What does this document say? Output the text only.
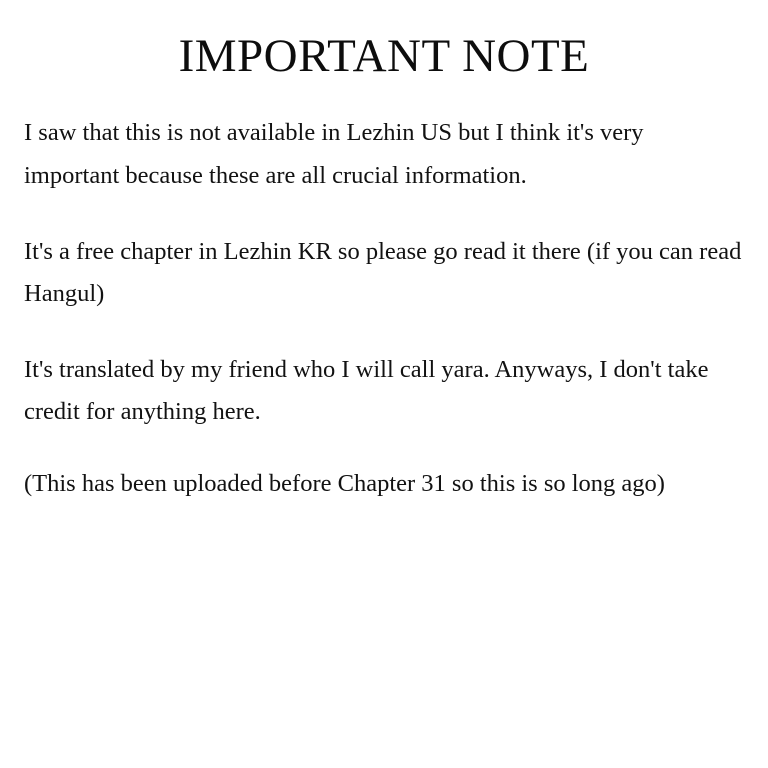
IMPORTANT NOTE

I saw that this is not available in Lezhin US but I think it's very important because these are all crucial information.

It's a free chapter in Lezhin KR so please go read it there (if you can read Hangul)

It's translated by my friend who I will call yara. Anyways, I don't take credit for anything here.

(This has been uploaded before Chapter 31 so this is so long ago)
